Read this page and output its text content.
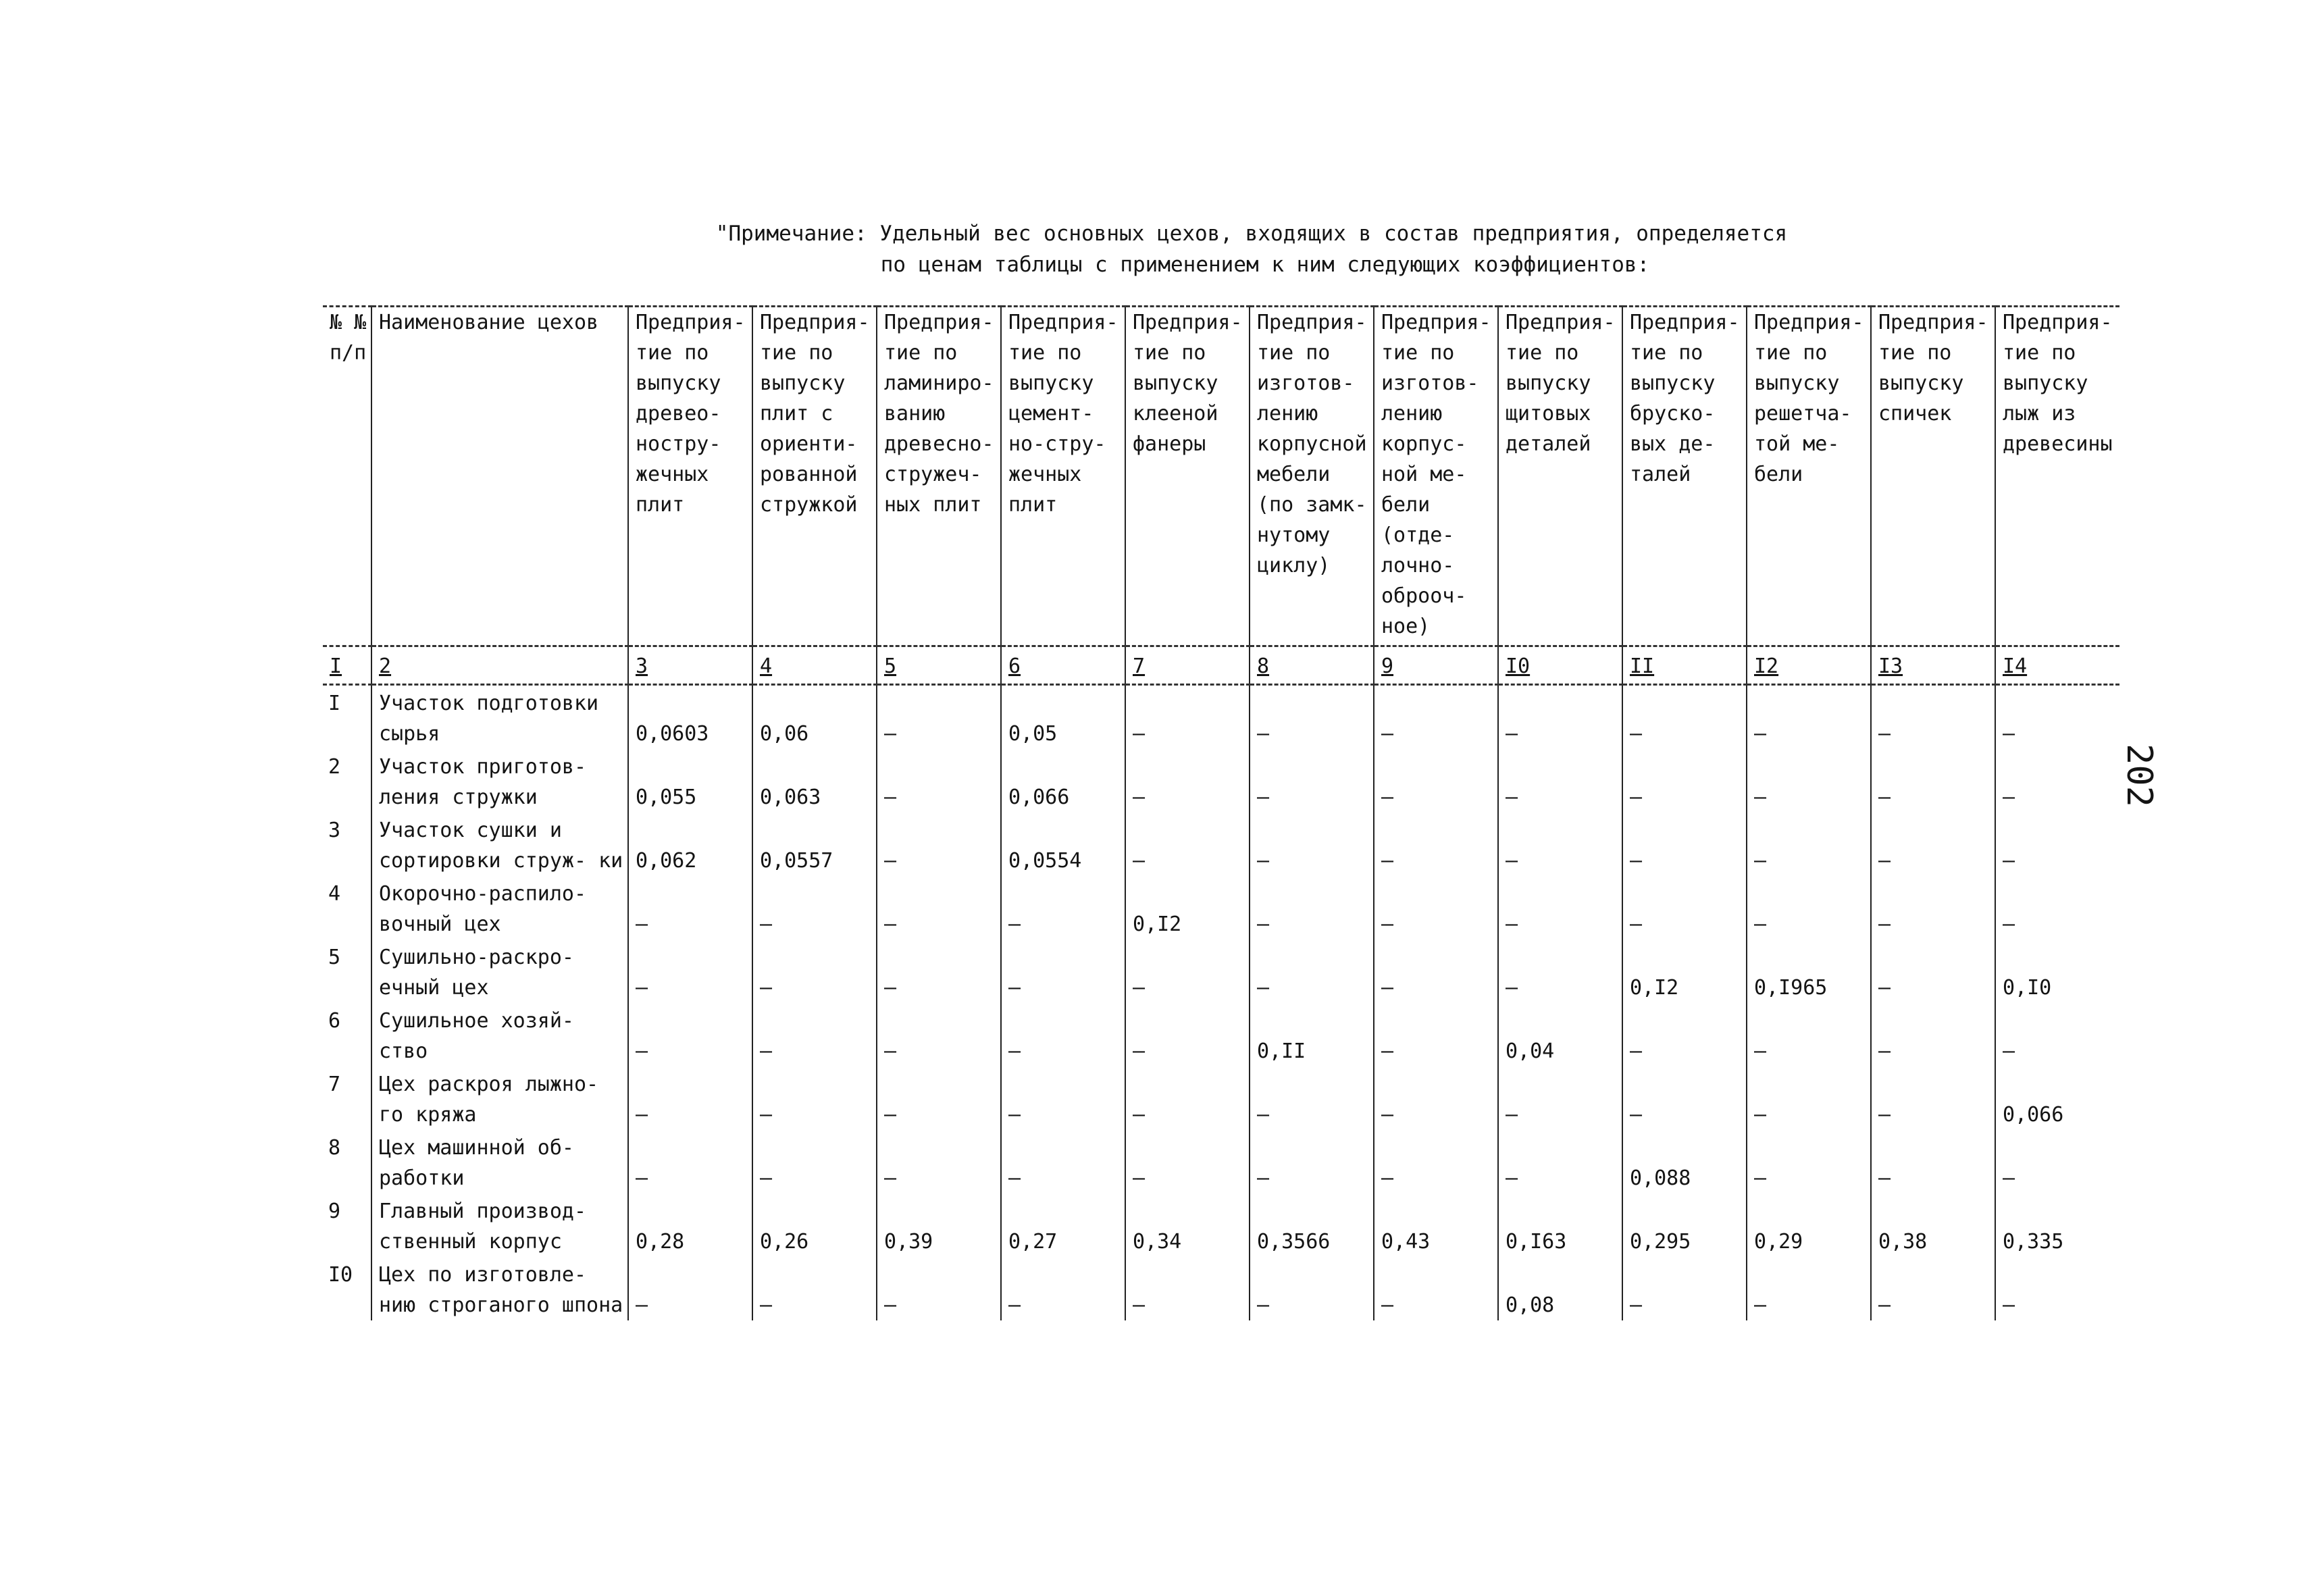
"Примечание: Удельный вес основных цехов, входящих в состав предприятия, определяется
по ценам таблицы с применением к ним следующих коэффициентов:
202
№ № п/п	Наименование цехов	Предприя- тие по выпуску древео- ностру- жечных плит	Предприя- тие по выпуску плит с ориенти- рованной стружкой	Предприя- тие по ламиниро- ванию древесно- стружеч- ных плит	Предприя- тие по выпуску цемент- но-стру- жечных плит	Предприя- тие по выпуску клееной фанеры	Предприя- тие по изготов- лению корпусной мебели (по замк- нутому циклу)	Предприя- тие по изготов- лению корпус- ной ме- бели (отде- лочно- оброоч- ное)	Предприя- тие по выпуску щитовых деталей	Предприя- тие по выпуску бруско- вых де- талей	Предприя- тие по выпуску решетча- той ме- бели	Предприя- тие по выпуску спичек	Предприя- тие по выпуску лыж из древесины
I	2	3	4	5	6	7	8	9	I0	II	I2	I3	I4
I	Участок подготовки сырья	0,0603	0,06	–	0,05	–	–	–	–	–	–	–	–
2	Участок приготов- ления стружки	0,055	0,063	–	0,066	–	–	–	–	–	–	–	–
3	Участок сушки и сортировки струж- ки	0,062	0,0557	–	0,0554	–	–	–	–	–	–	–	–
4	Окорочно-распило- вочный цех	–	–	–	–	0,I2	–	–	–	–	–	–	–
5	Сушильно-раскро- ечный цех	–	–	–	–	–	–	–	–	0,I2	0,I965	–	0,I0
6	Сушильное хозяй- ство	–	–	–	–	–	0,II	–	0,04	–	–	–	–
7	Цех раскроя лыжно- го кряжа	–	–	–	–	–	–	–	–	–	–	–	0,066
8	Цех машинной об- работки	–	–	–	–	–	–	–	–	0,088	–	–	–
9	Главный производ- ственный корпус	0,28	0,26	0,39	0,27	0,34	0,3566	0,43	0,I63	0,295	0,29	0,38	0,335
I0	Цех по изготовле- нию строганого шпона	–	–	–	–	–	–	–	0,08	–	–	–	–
